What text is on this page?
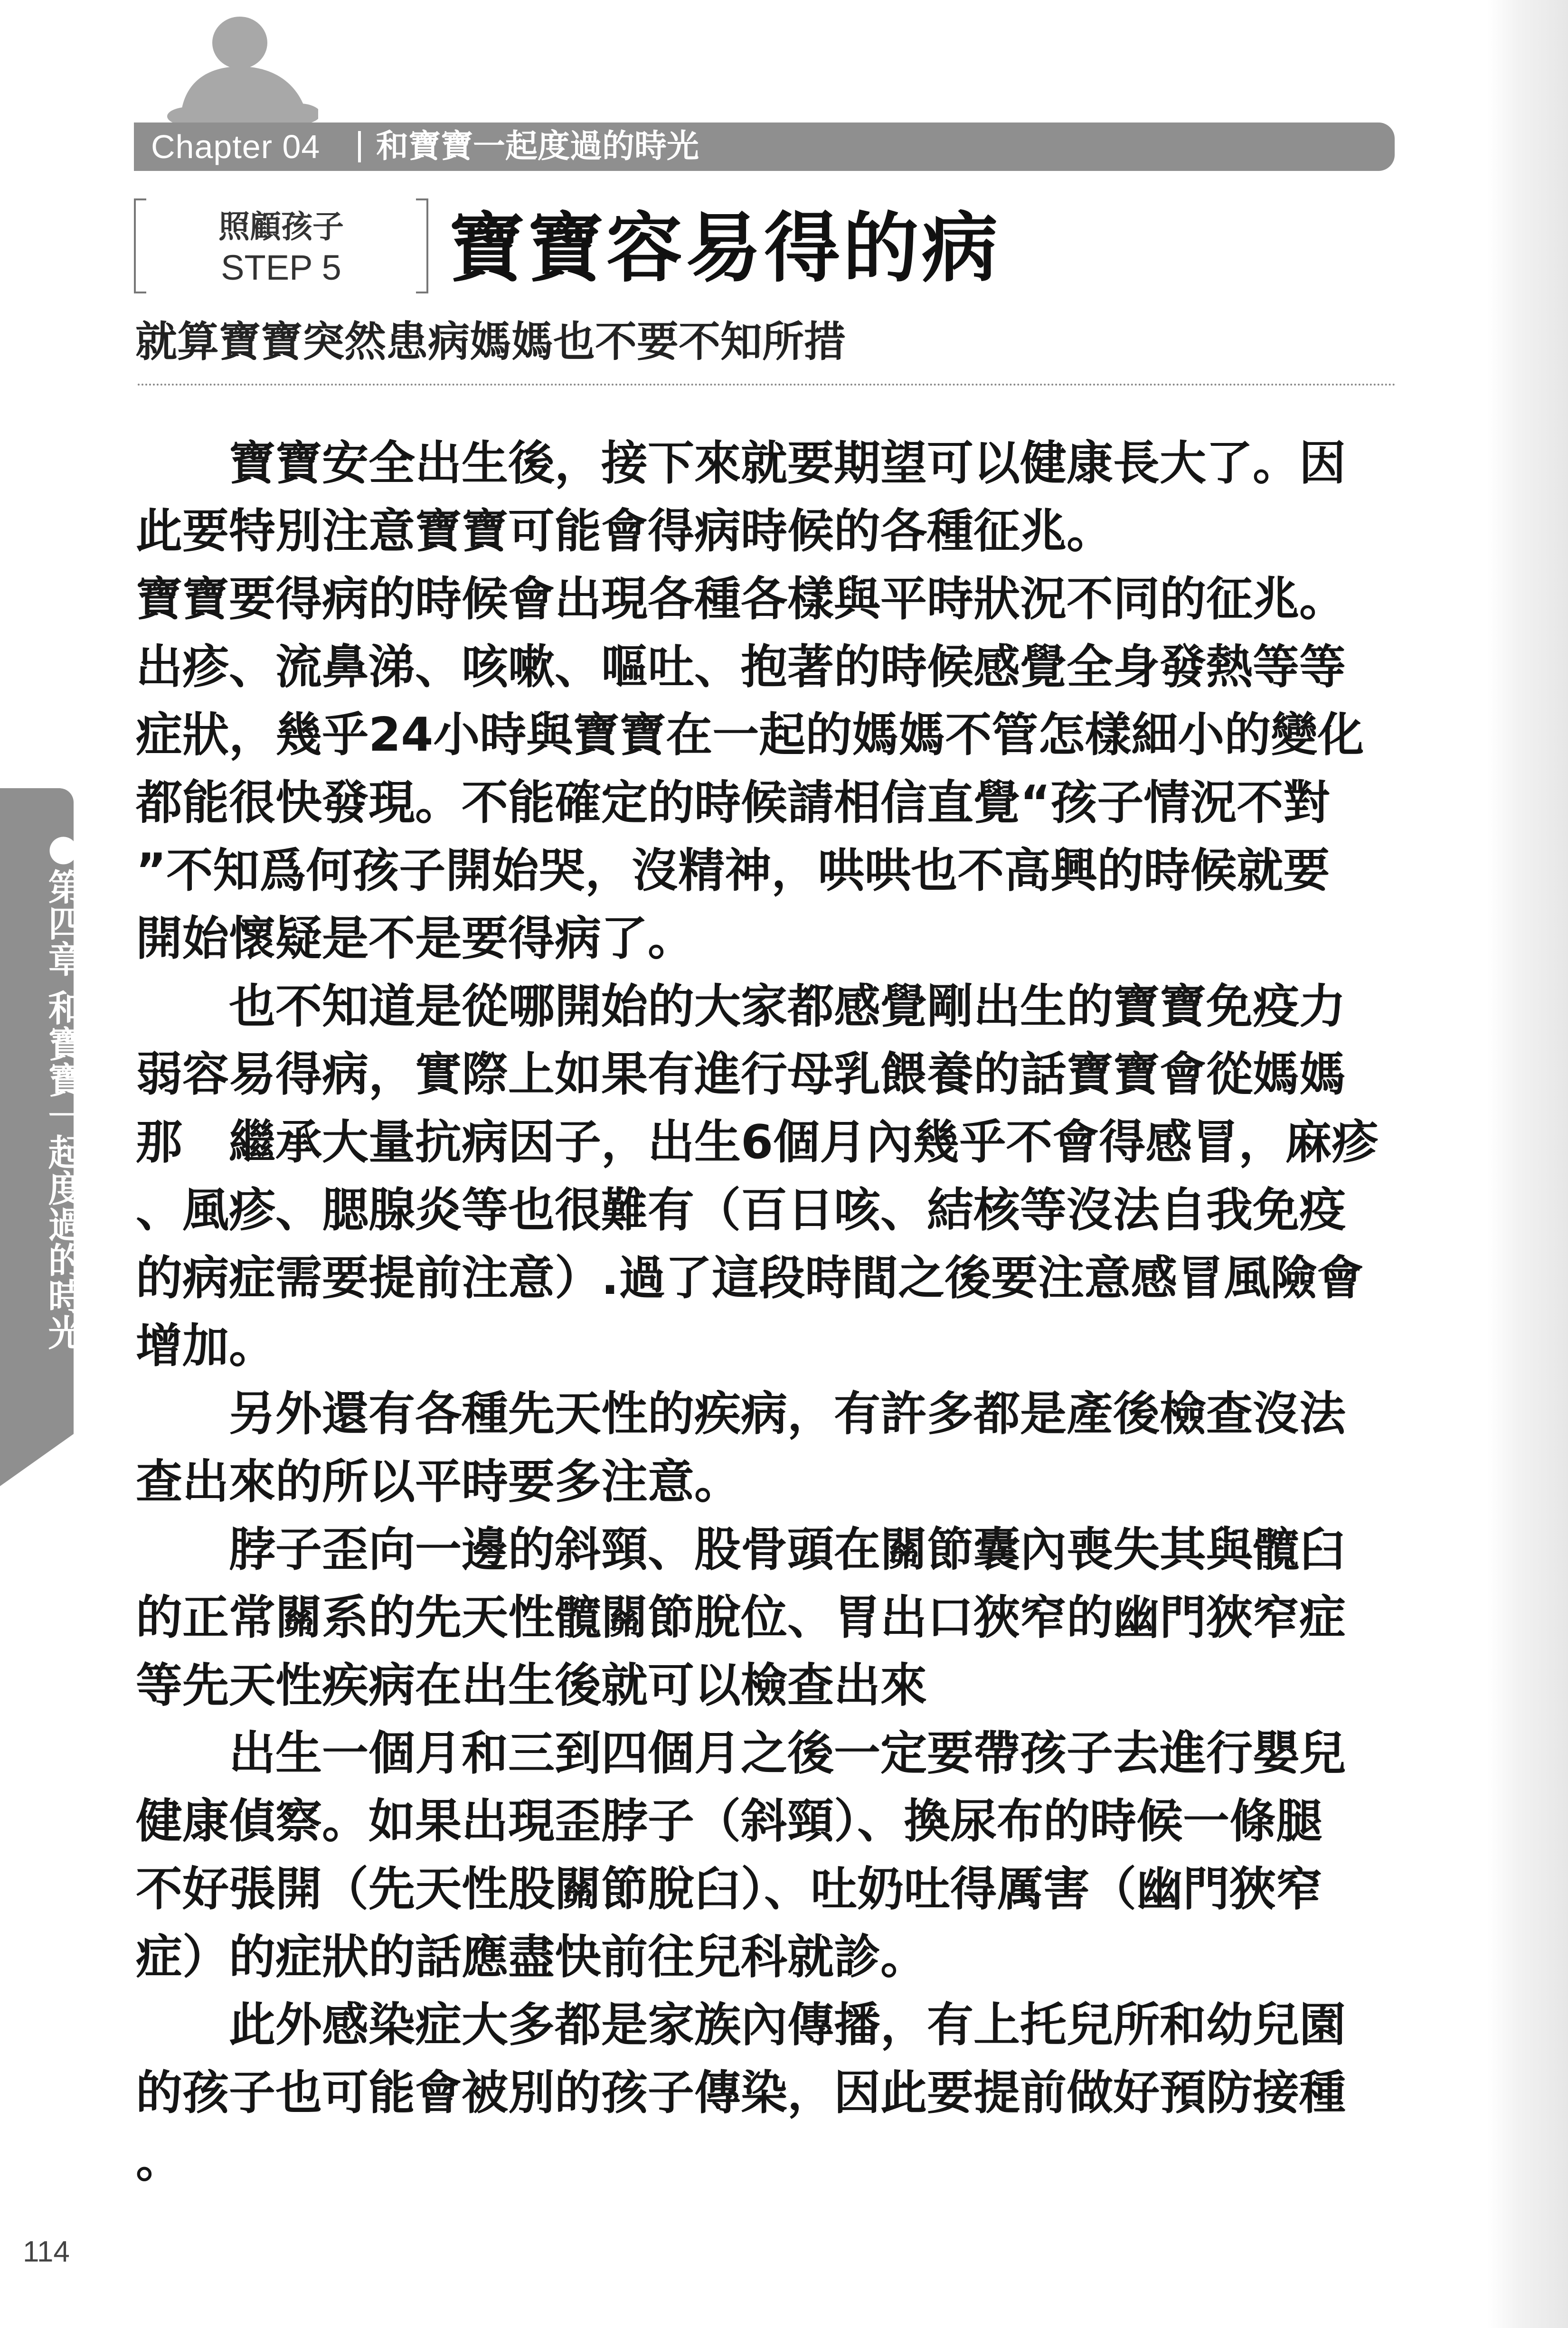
Chapter 04 和寶寶一起度過的時光
照顧孩子
STEP 5	寶寶容易得的病
就算寶寶突然患病媽媽也不要不知所措
　　寶寶安全出生後，接下來就要期望可以健康長大了。因
此要特別注意寶寶可能會得病時候的各種征兆。
寶寶要得病的時候會出現各種各樣與平時狀況不同的征兆。
出疹、流鼻涕、咳嗽、嘔吐、抱著的時候感覺全身發熱等等
症狀，幾乎24小時與寶寶在一起的媽媽不管怎樣細小的變化
都能很快發現。不能確定的時候請相信直覺“孩子情況不對
”不知爲何孩子開始哭，沒精神，哄哄也不高興的時候就要
開始懷疑是不是要得病了。
　　也不知道是從哪開始的大家都感覺剛出生的寶寶免疫力
弱容易得病，實際上如果有進行母乳餵養的話寶寶會從媽媽
那　繼承大量抗病因子，出生6個月內幾乎不會得感冒，麻疹
、風疹、腮腺炎等也很難有（百日咳、結核等沒法自我免疫
的病症需要提前注意）.過了這段時間之後要注意感冒風險會
增加。
　　另外還有各種先天性的疾病，有許多都是產後檢查沒法
查出來的所以平時要多注意。
　　脖子歪向一邊的斜頸、股骨頭在關節囊內喪失其與髖臼
的正常關系的先天性髖關節脫位、胃出口狹窄的幽門狹窄症
等先天性疾病在出生後就可以檢查出來
　　出生一個月和三到四個月之後一定要帶孩子去進行嬰兒
健康偵察。如果出現歪脖子（斜頸）、換尿布的時候一條腿
不好張開（先天性股關節脫臼）、吐奶吐得厲害（幽門狹窄
症）的症狀的話應盡快前往兒科就診。
　　此外感染症大多都是家族內傳播，有上托兒所和幼兒園
的孩子也可能會被別的孩子傳染，因此要提前做好預防接種
。
●第四章 和寶寶一起度過的時光
114
